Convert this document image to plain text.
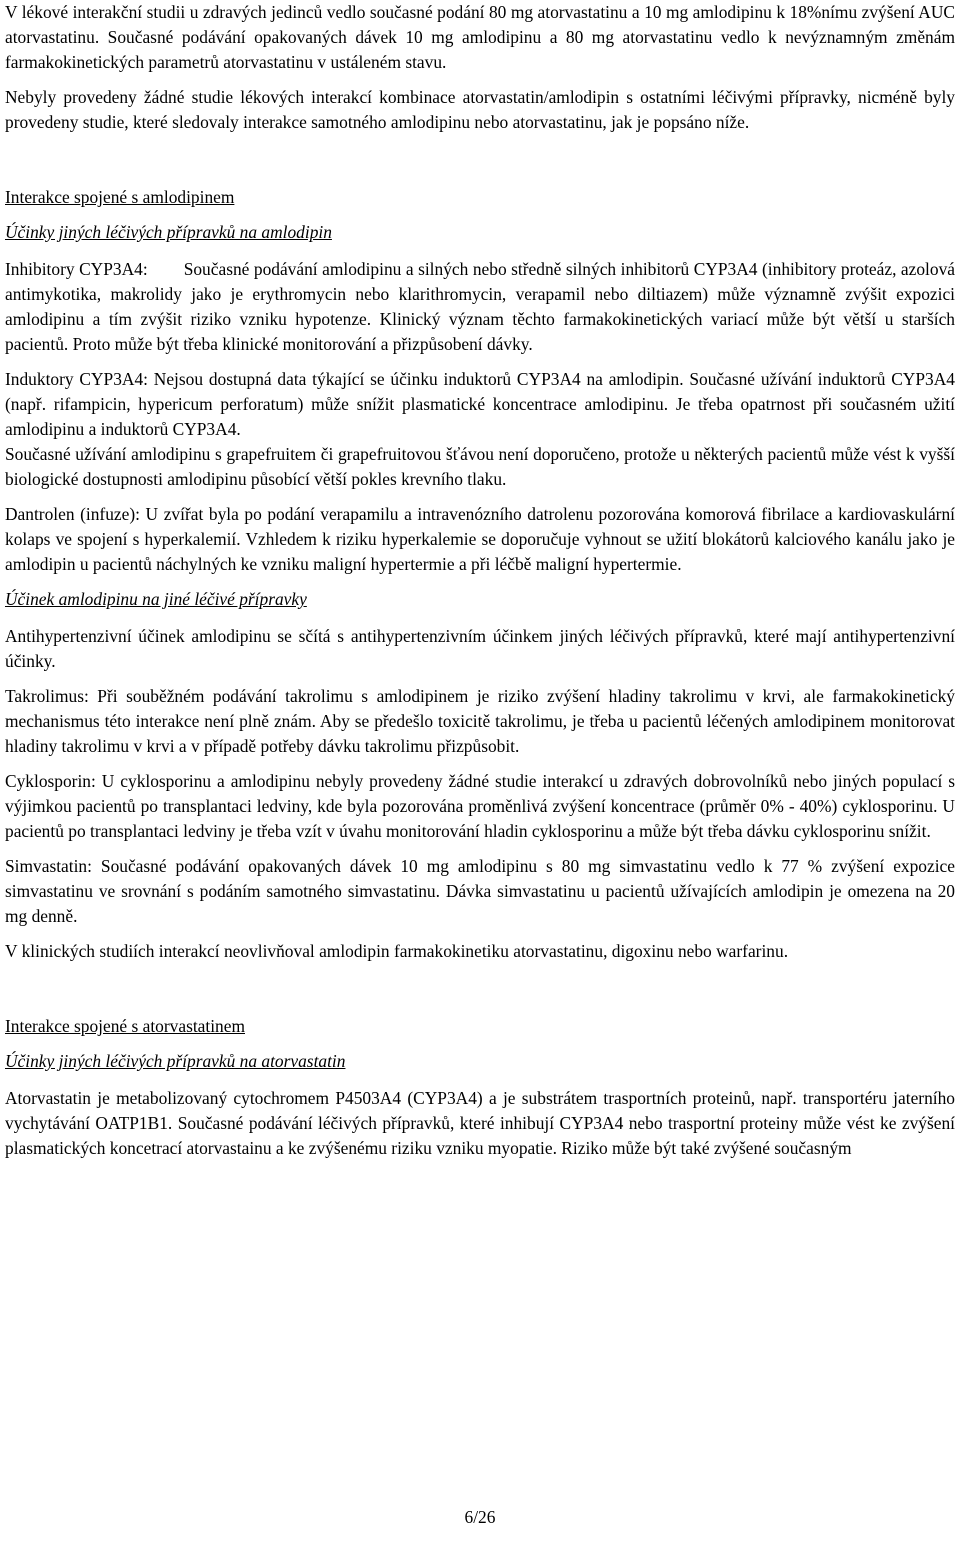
V lékové interakční studii u zdravých jedinců vedlo současné podání 80 mg atorvastatinu a 10 mg amlodipinu k 18%nímu zvýšení AUC atorvastatinu. Současné podávání opakovaných dávek 10 mg amlodipinu a 80 mg atorvastatinu vedlo k nevýznamným změnám farmakokinetických parametrů atorvastatinu v ustáleném stavu.

Nebyly provedeny žádné studie lékových interakcí kombinace atorvastatin/amlodipin s ostatními léčivými přípravky, nicméně byly provedeny studie, které sledovaly interakce samotného amlodipinu nebo atorvastatinu, jak je popsáno níže.

Interakce spojené s amlodipinem

Účinky jiných léčivých přípravků na amlodipin

Inhibitory CYP3A4: Současné podávání amlodipinu a silných nebo středně silných inhibitorů CYP3A4 (inhibitory proteáz, azolová antimykotika, makrolidy jako je erythromycin nebo klarithromycin, verapamil nebo diltiazem) může významně zvýšit expozici amlodipinu a tím zvýšit riziko vzniku hypotenze. Klinický význam těchto farmakokinetických variací může být větší u starších pacientů. Proto může být třeba klinické monitorování a přizpůsobení dávky.

Induktory CYP3A4: Nejsou dostupná data týkající se účinku induktorů CYP3A4 na amlodipin. Současné užívání induktorů CYP3A4 (např. rifampicin, hypericum perforatum) může snížit plasmatické koncentrace amlodipinu. Je třeba opatrnost při současném užití amlodipinu a induktorů CYP3A4.

Současné užívání amlodipinu s grapefruitem či grapefruitovou šťávou není doporučeno, protože u některých pacientů může vést k vyšší biologické dostupnosti amlodipinu působící větší pokles krevního tlaku.

Dantrolen (infuze): U zvířat byla po podání verapamilu a intravenózního datrolenu pozorována komorová fibrilace a kardiovaskulární kolaps ve spojení s hyperkalemií. Vzhledem k riziku hyperkalemie se doporučuje vyhnout se užití blokátorů kalciového kanálu jako je amlodipin u pacientů náchylných ke vzniku maligní hypertermie a při léčbě maligní hypertermie.

Účinek amlodipinu na jiné léčivé přípravky

Antihypertenzivní účinek amlodipinu se sčítá s antihypertenzivním účinkem jiných léčivých přípravků, které mají antihypertenzivní účinky.

Takrolimus: Při souběžném podávání takrolimu s amlodipinem je riziko zvýšení hladiny takrolimu v krvi, ale farmakokinetický mechanismus této interakce není plně znám. Aby se předešlo toxicitě takrolimu, je třeba u pacientů léčených amlodipinem monitorovat hladiny takrolimu v krvi a v případě potřeby dávku takrolimu přizpůsobit.

Cyklosporin: U cyklosporinu a amlodipinu nebyly provedeny žádné studie interakcí u zdravých dobrovolníků nebo jiných populací s výjimkou pacientů po transplantaci ledviny, kde byla pozorována proměnlivá zvýšení koncentrace (průměr 0% - 40%) cyklosporinu. U pacientů po transplantaci ledviny je třeba vzít v úvahu monitorování hladin cyklosporinu a může být třeba dávku cyklosporinu snížit.

Simvastatin: Současné podávání opakovaných dávek 10 mg amlodipinu s 80 mg simvastatinu vedlo k 77 % zvýšení expozice simvastatinu ve srovnání s podáním samotného simvastatinu. Dávka simvastatinu u pacientů užívajících amlodipin je omezena na 20 mg denně.

V klinických studiích interakcí neovlivňoval amlodipin farmakokinetiku atorvastatinu, digoxinu nebo warfarinu.

Interakce spojené s atorvastatinem

Účinky jiných léčivých přípravků na atorvastatin

Atorvastatin je metabolizovaný cytochromem P4503A4 (CYP3A4) a je substrátem trasportních proteinů, např. transportéru jaterního vychytávání OATP1B1. Současné podávání léčivých přípravků, které inhibují CYP3A4 nebo trasportní proteiny může vést ke zvýšení plasmatických koncetrací atorvastainu a ke zvýšenému riziku vzniku myopatie. Riziko může být také zvýšené současným

6/26
